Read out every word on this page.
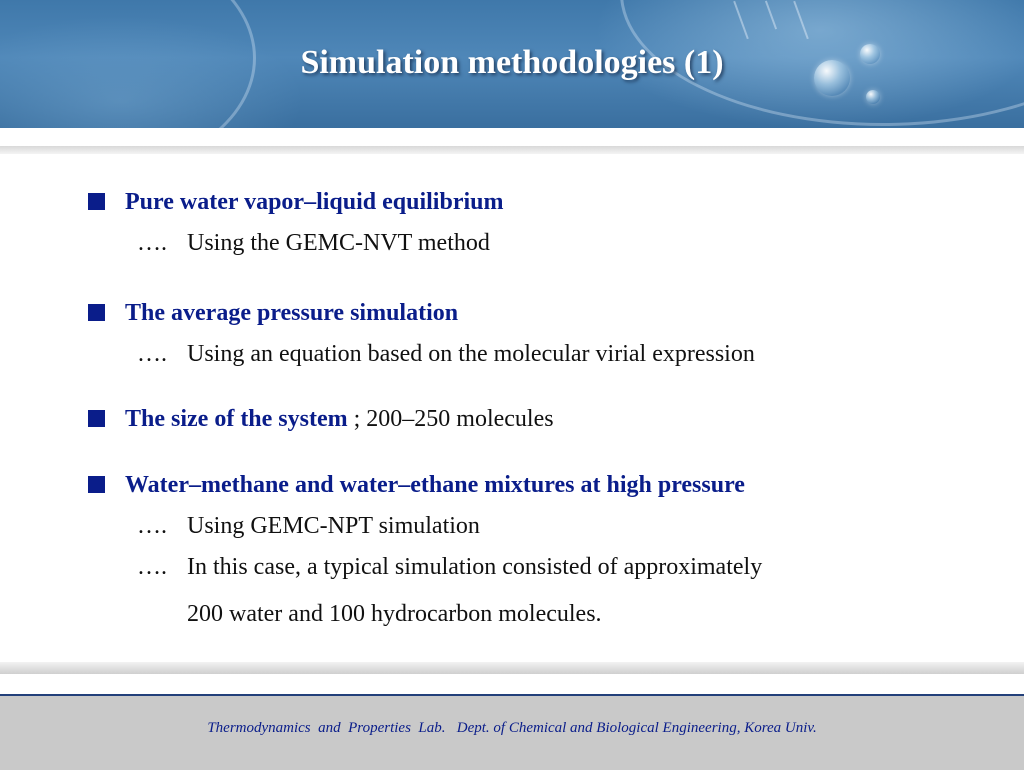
Simulation methodologies (1)
Pure water vapor–liquid equilibrium
…. Using the GEMC-NVT method
The average pressure simulation
…. Using an equation based on the molecular virial expression
The size of the system ; 200–250 molecules
Water–methane and water–ethane mixtures at high pressure
…. Using GEMC-NPT simulation
…. In this case, a typical simulation consisted of approximately
200 water and 100 hydrocarbon molecules.
Thermodynamics  and  Properties  Lab.   Dept. of Chemical and Biological Engineering, Korea Univ.
